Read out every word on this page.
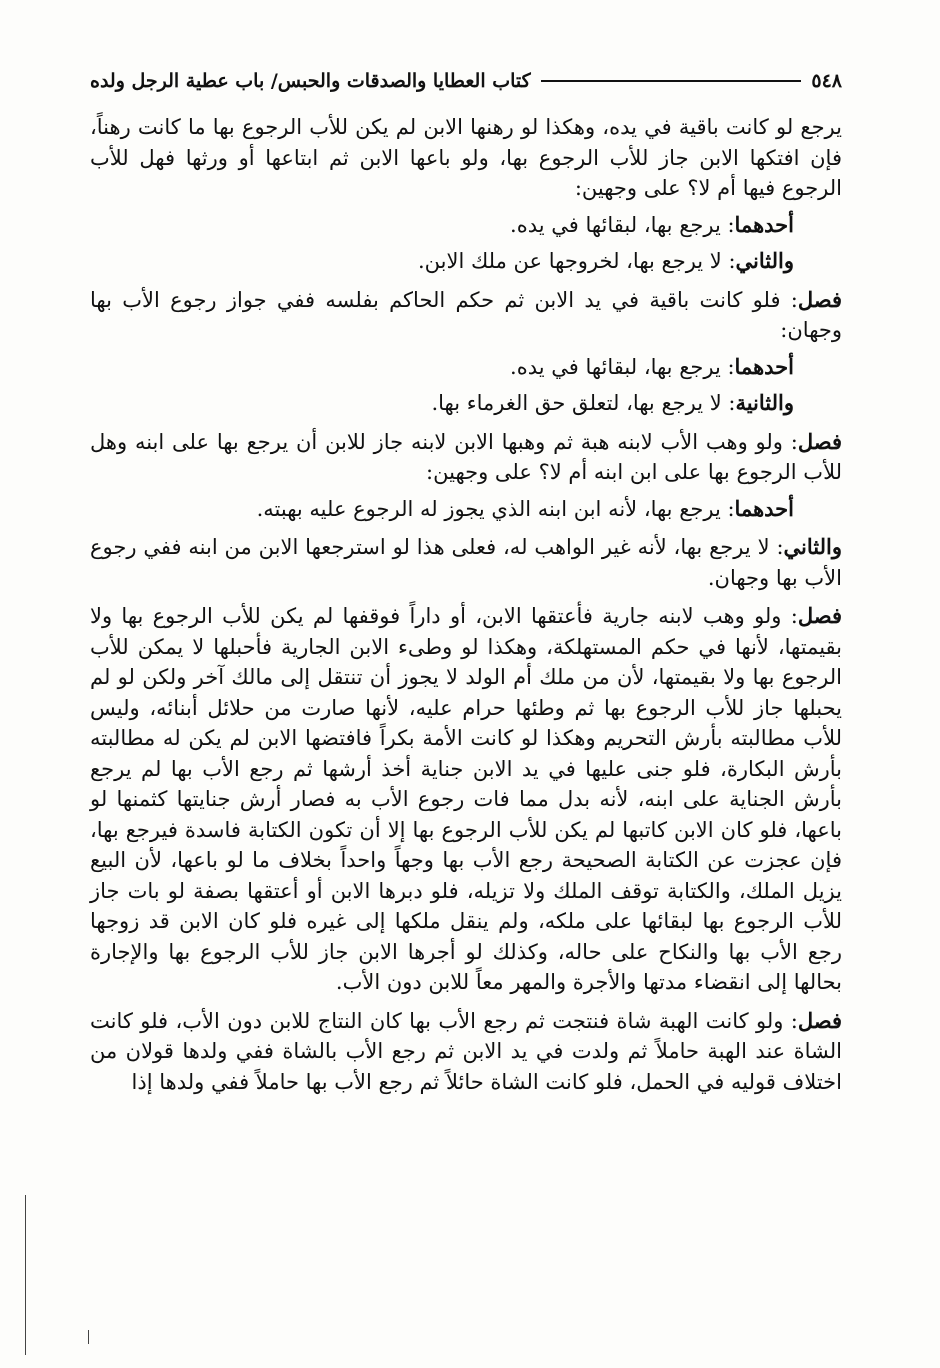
٥٤٨
كتاب العطايا والصدقات والحبس/ باب عطية الرجل ولده

يرجع لو كانت باقية في يده، وهكذا لو رهنها الابن لم يكن للأب الرجوع بها ما كانت رهناً، فإن افتكها الابن جاز للأب الرجوع بها، ولو باعها الابن ثم ابتاعها أو ورثها فهل للأب الرجوع فيها أم لا؟ على وجهين:

أحدهما: يرجع بها، لبقائها في يده.

والثاني: لا يرجع بها، لخروجها عن ملك الابن.

فصل: فلو كانت باقية في يد الابن ثم حكم الحاكم بفلسه ففي جواز رجوع الأب بها وجهان:

أحدهما: يرجع بها، لبقائها في يده.

والثانية: لا يرجع بها، لتعلق حق الغرماء بها.

فصل: ولو وهب الأب لابنه هبة ثم وهبها الابن لابنه جاز للابن أن يرجع بها على ابنه وهل للأب الرجوع بها على ابن ابنه أم لا؟ على وجهين:

أحدهما: يرجع بها، لأنه ابن ابنه الذي يجوز له الرجوع عليه بهبته.

والثاني: لا يرجع بها، لأنه غير الواهب له، فعلى هذا لو استرجعها الابن من ابنه ففي رجوع الأب بها وجهان.

فصل: ولو وهب لابنه جارية فأعتقها الابن، أو داراً فوقفها لم يكن للأب الرجوع بها ولا بقيمتها، لأنها في حكم المستهلكة، وهكذا لو وطىء الابن الجارية فأحبلها لا يمكن للأب الرجوع بها ولا بقيمتها، لأن من ملك أم الولد لا يجوز أن تنتقل إلى مالك آخر ولكن لو لم يحبلها جاز للأب الرجوع بها ثم وطئها حرام عليه، لأنها صارت من حلائل أبنائه، وليس للأب مطالبته بأرش التحريم وهكذا لو كانت الأمة بكراً فافتضها الابن لم يكن له مطالبته بأرش البكارة، فلو جنى عليها في يد الابن جناية أخذ أرشها ثم رجع الأب بها لم يرجع بأرش الجناية على ابنه، لأنه بدل مما فات رجوع الأب به فصار أرش جنايتها كثمنها لو باعها، فلو كان الابن كاتبها لم يكن للأب الرجوع بها إلا أن تكون الكتابة فاسدة فيرجع بها، فإن عجزت عن الكتابة الصحيحة رجع الأب بها وجهاً واحداً بخلاف ما لو باعها، لأن البيع يزيل الملك، والكتابة توقف الملك ولا تزيله، فلو دبرها الابن أو أعتقها بصفة لو بات جاز للأب الرجوع بها لبقائها على ملكه، ولم ينقل ملكها إلى غيره فلو كان الابن قد زوجها رجع الأب بها والنكاح على حاله، وكذلك لو أجرها الابن جاز للأب الرجوع بها والإجارة بحالها إلى انقضاء مدتها والأجرة والمهر معاً للابن دون الأب.

فصل: ولو كانت الهبة شاة فنتجت ثم رجع الأب بها كان النتاج للابن دون الأب، فلو كانت الشاة عند الهبة حاملاً ثم ولدت في يد الابن ثم رجع الأب بالشاة ففي ولدها قولان من اختلاف قوليه في الحمل، فلو كانت الشاة حائلاً ثم رجع الأب بها حاملاً ففي ولدها إذا
